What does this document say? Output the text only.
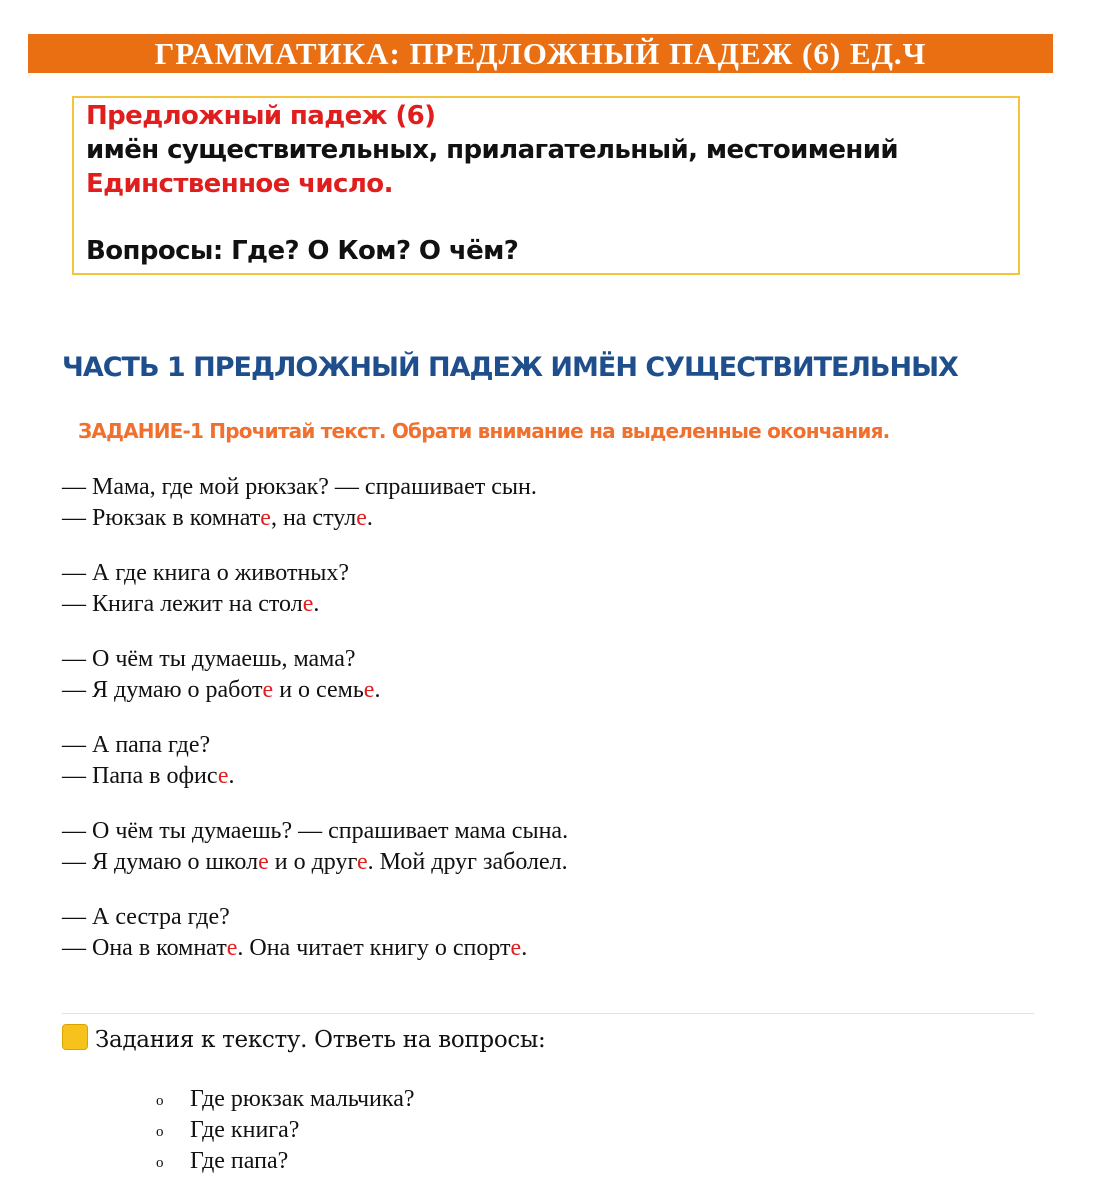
ГРАММАТИКА: ПРЕДЛОЖНЫЙ ПАДЕЖ (6) ЕД.Ч
Предложный падеж (6)
имён существительных, прилагательный, местоимений
Единственное число.
Вопросы: Где? О Ком? О чём?
ЧАСТЬ 1 ПРЕДЛОЖНЫЙ ПАДЕЖ ИМЁН СУЩЕСТВИТЕЛЬНЫХ
ЗАДАНИЕ-1 Прочитай текст. Обрати внимание на выделенные окончания.
— Мама, где мой рюкзак? — спрашивает сын.
— Рюкзак в комнате, на стуле.
— А где книга о животных?
— Книга лежит на столе.
— О чём ты думаешь, мама?
— Я думаю о работе и о семье.
— А папа где?
— Папа в офисе.
— О чём ты думаешь? — спрашивает мама сына.
— Я думаю о школе и о друге. Мой друг заболел.
— А сестра где?
— Она в комнате. Она читает книгу о спорте.
Задания к тексту. Ответь на вопросы:
o	Где рюкзак мальчика?
o	Где книга?
o	Где папа?
